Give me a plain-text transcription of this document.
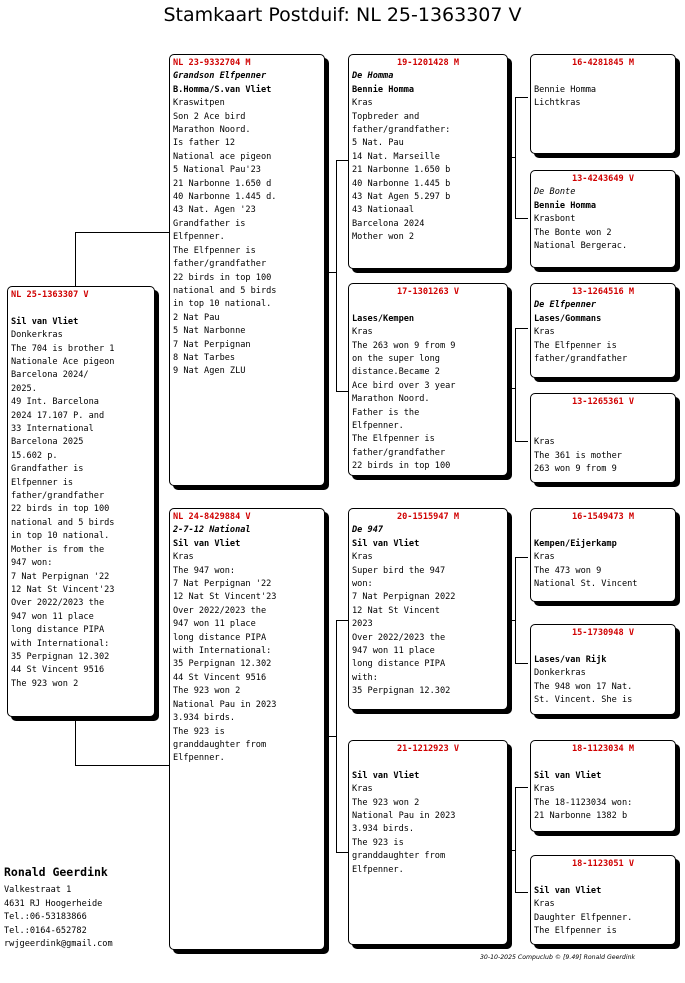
Stamkaart Postduif: NL 25-1363307 V
NL 25-1363307 V
Sil van Vliet
Donkerkras
The 704 is brother 1
Nationale Ace pigeon
Barcelona 2024/
2025.
49 Int. Barcelona
2024 17.107 P. and
33 International
Barcelona 2025
15.602 p.
Grandfather is
Elfpenner is
father/grandfather
22 birds in top 100
national and 5 birds
in top 10 national.
Mother is from the
947 won:
7 Nat Perpignan '22
12 Nat St Vincent'23
Over 2022/2023 the
947 won 11 place
long distance PIPA
with International:
35 Perpignan 12.302
44 St Vincent 9516
The 923 won 2
NL 23-9332704 M
Grandson Elfpenner
B.Homma/S.van Vliet
Kraswitpen
Son 2 Ace bird
Marathon Noord.
Is father 12
National ace pigeon
5 National Pau'23
21 Narbonne 1.650 d
40 Narbonne 1.445 d.
43 Nat. Agen '23
Grandfather is
Elfpenner.
The Elfpenner is
father/grandfather
22 birds in top 100
national and 5 birds
in top 10 national.
2 Nat Pau
5 Nat Narbonne
7 Nat Perpignan
8 Nat Tarbes
9 Nat Agen ZLU
NL 24-8429884 V
2-7-12 National
Sil van Vliet
Kras
The 947 won:
7 Nat Perpignan '22
12 Nat St Vincent'23
Over 2022/2023 the
947 won 11 place
long distance PIPA
with International:
35 Perpignan 12.302
44 St Vincent 9516
The 923 won 2
National Pau in 2023
3.934 birds.
The 923 is
granddaughter from
Elfpenner.
19-1201428 M
De Homma
Bennie Homma
Kras
Topbreder and
father/grandfather:
5 Nat. Pau
14 Nat. Marseille
21 Narbonne 1.650 b
40 Narbonne 1.445 b
43 Nat Agen 5.297 b
43 Nationaal
Barcelona 2024
Mother won 2
17-1301263 V
Lases/Kempen
Kras
The 263 won 9 from 9
on the super long
distance.Became 2
Ace bird over 3 year
Marathon Noord.
Father is the
Elfpenner.
The Elfpenner is
father/grandfather
22 birds in top 100
20-1515947 M
De 947
Sil van Vliet
Kras
Super bird the 947
won:
7 Nat Perpignan 2022
12 Nat St Vincent
2023
Over 2022/2023 the
947 won 11 place
long distance PIPA
with:
35 Perpignan 12.302
21-1212923 V
Sil van Vliet
Kras
The 923 won 2
National Pau in 2023
3.934 birds.
The 923 is
granddaughter from
Elfpenner.
16-4281845 M
Bennie Homma
Lichtkras
13-4243649 V
De Bonte
Bennie Homma
Krasbont
The Bonte won 2
National Bergerac.
13-1264516 M
De Elfpenner
Lases/Gommans
Kras
The Elfpenner is
father/grandfather
13-1265361 V
Kras
The 361 is mother
263 won 9 from 9
16-1549473 M
Kempen/Eijerkamp
Kras
The 473 won 9
National St. Vincent
15-1730948 V
Lases/van Rijk
Donkerkras
The 948 won 17 Nat.
St. Vincent. She is
18-1123034 M
Sil van Vliet
Kras
The 18-1123034 won:
21 Narbonne 1382 b
18-1123051 V
Sil van Vliet
Kras
Daughter Elfpenner.
The Elfpenner is
Ronald Geerdink
Valkestraat 1
4631 RJ Hoogerheide
Tel.:06-53183866
Tel.:0164-652782
rwjgeerdink@gmail.com
30-10-2025 Compuclub © [9.49] Ronald Geerdink
